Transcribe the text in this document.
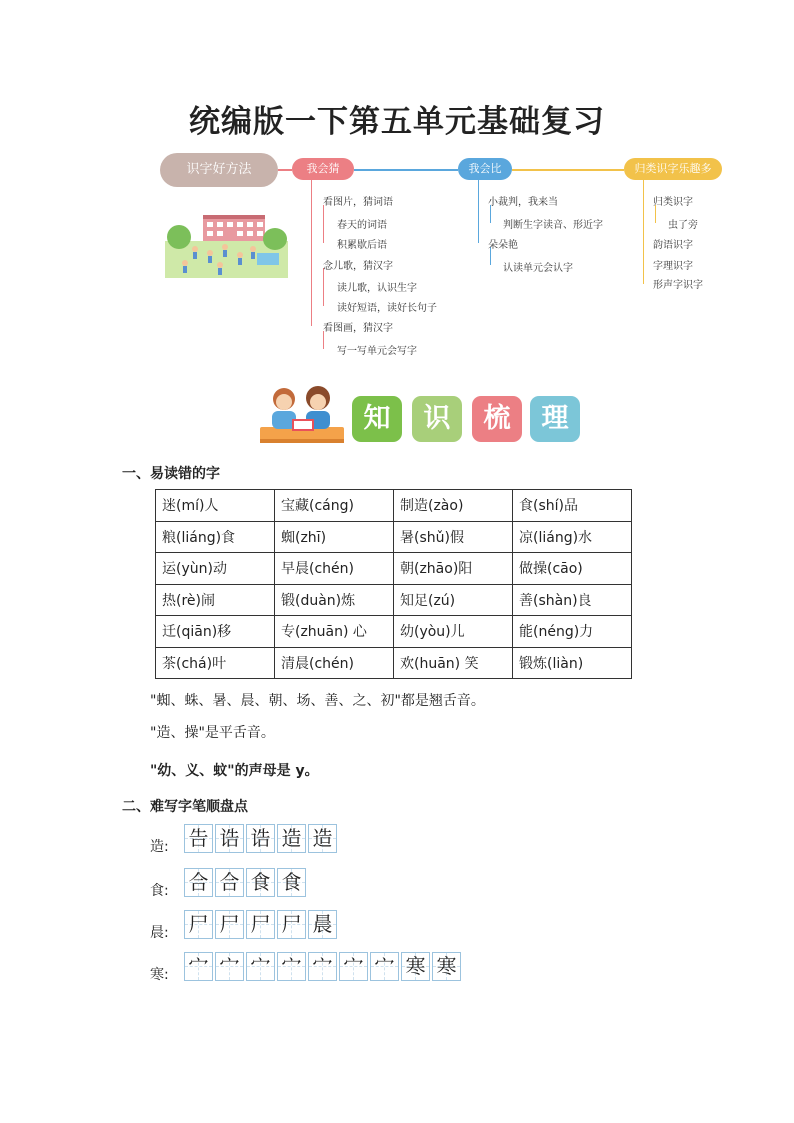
统编版一下第五单元基础复习
识字好方法	我会猜	我会比	归类识字乐趣多
看图片，猜词语
春天的词语
积累歇后语
念儿歌，猜汉字
读儿歌，认识生字
读好短语，读好长句子
看图画，猜汉字
写一写单元会写字
小裁判，我来当
判断生字读音、形近字
朵朵艳
认读单元会认字
归类识字
虫了旁
韵语识字
字理识字
形声字识字
知	识	梳	理
一、易读错的字
迷(mí)人	宝藏(cáng)	制造(zào)	食(shí)品
粮(liáng)食	蜘(zhī)	暑(shǔ)假	凉(liáng)水
运(yùn)动	早晨(chén)	朝(zhāo)阳	做操(cāo)
热(rè)闹	锻(duàn)炼	知足(zú)	善(shàn)良
迁(qiān)移	专(zhuān) 心	幼(yòu)儿	能(néng)力
茶(chá)叶	清晨(chén)	欢(huān) 笑	锻炼(liàn)
"蜘、蛛、暑、晨、朝、场、善、之、初"都是翘舌音。
"造、操"是平舌音。
"幼、义、蚊"的声母是 y。
二、难写字笔顺盘点
造: 告 诰 诰 造 造
食: 合 合 食 食
晨: 尸 尸 尸 尸 晨
寒: 宀 宀 宀 宀 宀 宀 宀 寒 寒
